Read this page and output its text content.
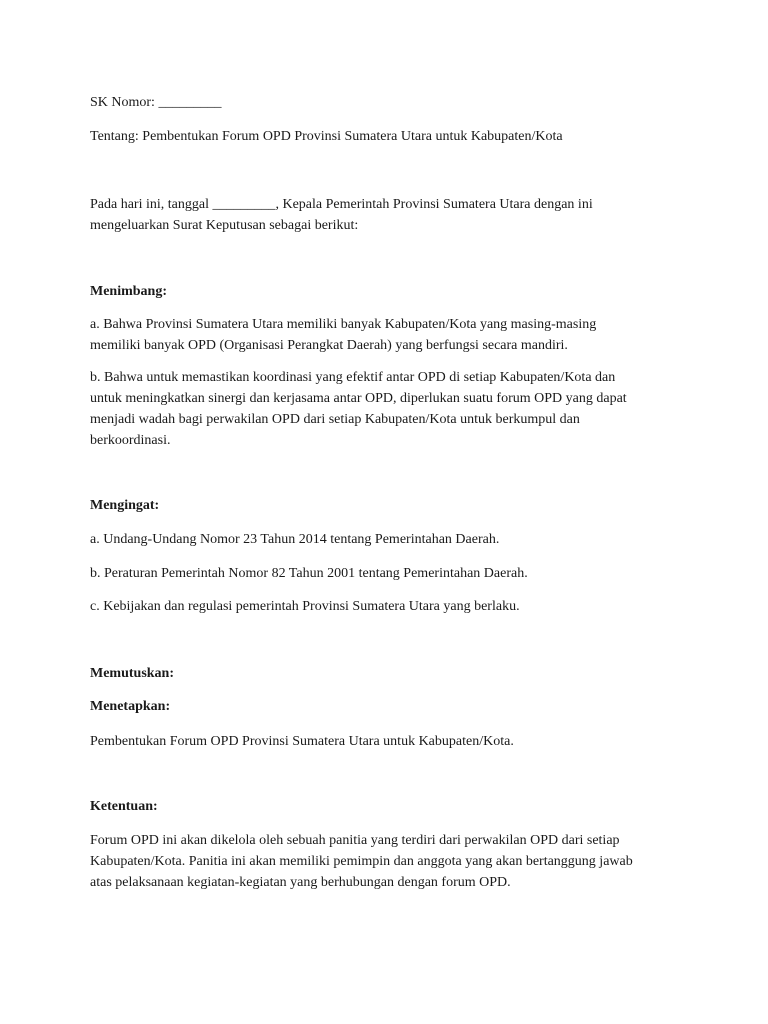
SK Nomor: _________

Tentang: Pembentukan Forum OPD Provinsi Sumatera Utara untuk Kabupaten/Kota

Pada hari ini, tanggal _________, Kepala Pemerintah Provinsi Sumatera Utara dengan ini

mengeluarkan Surat Keputusan sebagai berikut:

Menimbang:

a. Bahwa Provinsi Sumatera Utara memiliki banyak Kabupaten/Kota yang masing-masing

memiliki banyak OPD (Organisasi Perangkat Daerah) yang berfungsi secara mandiri.

b. Bahwa untuk memastikan koordinasi yang efektif antar OPD di setiap Kabupaten/Kota dan

untuk meningkatkan sinergi dan kerjasama antar OPD, diperlukan suatu forum OPD yang dapat

menjadi wadah bagi perwakilan OPD dari setiap Kabupaten/Kota untuk berkumpul dan

berkoordinasi.

Mengingat:

a. Undang-Undang Nomor 23 Tahun 2014 tentang Pemerintahan Daerah.

b. Peraturan Pemerintah Nomor 82 Tahun 2001 tentang Pemerintahan Daerah.

c. Kebijakan dan regulasi pemerintah Provinsi Sumatera Utara yang berlaku.

Memutuskan:

Menetapkan:

Pembentukan Forum OPD Provinsi Sumatera Utara untuk Kabupaten/Kota.

Ketentuan:

Forum OPD ini akan dikelola oleh sebuah panitia yang terdiri dari perwakilan OPD dari setiap

Kabupaten/Kota. Panitia ini akan memiliki pemimpin dan anggota yang akan bertanggung jawab

atas pelaksanaan kegiatan-kegiatan yang berhubungan dengan forum OPD.
